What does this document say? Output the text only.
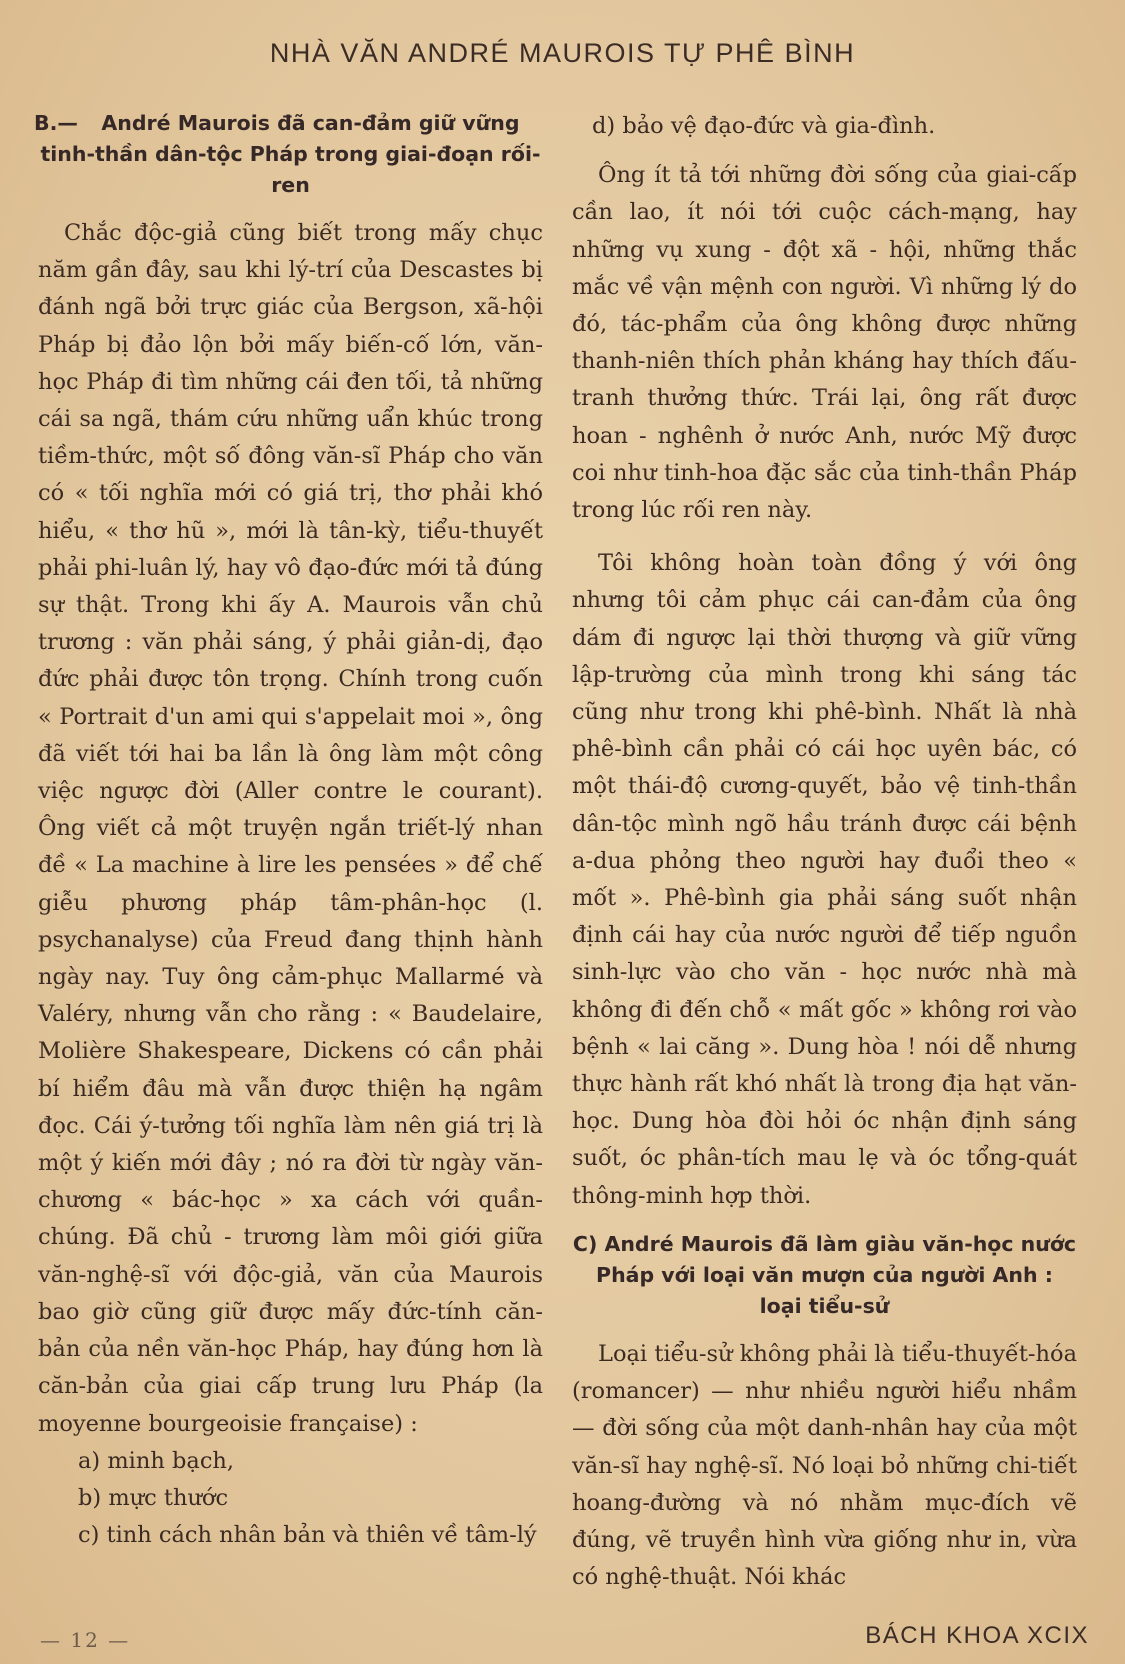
NHÀ VĂN ANDRÉ MAUROIS TỰ PHÊ BÌNH
B.— André Maurois đã can-đảm giữ vững tinh-thần dân-tộc Pháp trong giai-đoạn rối-ren

Chắc độc-giả cũng biết trong mấy chục năm gần đây, sau khi lý-trí của Descastes bị đánh ngã bởi trực giác của Bergson, xã-hội Pháp bị đảo lộn bởi mấy biến-cố lớn, văn-học Pháp đi tìm những cái đen tối, tả những cái sa ngã, thám cứu những uẩn khúc trong tiềm-thức, một số đông văn-sĩ Pháp cho văn có « tối nghĩa mới có giá trị, thơ phải khó hiểu, « thơ hũ », mới là tân-kỳ, tiểu-thuyết phải phi-luân lý, hay vô đạo-đức mới tả đúng sự thật. Trong khi ấy A. Maurois vẫn chủ trương : văn phải sáng, ý phải giản-dị, đạo đức phải được tôn trọng. Chính trong cuốn « Portrait d'un ami qui s'appelait moi », ông đã viết tới hai ba lần là ông làm một công việc ngược đời (Aller contre le courant). Ông viết cả một truyện ngắn triết-lý nhan đề « La machine à lire les pensées » để chế giễu phương pháp tâm-phân-học (l. psychanalyse) của Freud đang thịnh hành ngày nay. Tuy ông cảm-phục Mallarmé và Valéry, nhưng vẫn cho rằng : « Baudelaire, Molière Shakespeare, Dickens có cần phải bí hiểm đâu mà vẫn được thiện hạ ngâm đọc. Cái ý-tưởng tối nghĩa làm nên giá trị là một ý kiến mới đây ; nó ra đời từ ngày văn-chương « bác-học » xa cách với quần-chúng. Đã chủ - trương làm môi giới giữa văn-nghệ-sĩ với độc-giả, văn của Maurois bao giờ cũng giữ được mấy đức-tính căn-bản của nền văn-học Pháp, hay đúng hơn là căn-bản của giai cấp trung lưu Pháp (la moyenne bourgeoisie française) :

a) minh bạch,

b) mực thước

c) tinh cách nhân bản và thiên về tâm-lý

d) bảo vệ đạo-đức và gia-đình.

Ông ít tả tới những đời sống của giai-cấp cần lao, ít nói tới cuộc cách-mạng, hay những vụ xung - đột xã - hội, những thắc mắc về vận mệnh con người. Vì những lý do đó, tác-phẩm của ông không được những thanh-niên thích phản kháng hay thích đấu-tranh thưởng thức. Trái lại, ông rất được hoan - nghênh ở nước Anh, nước Mỹ được coi như tinh-hoa đặc sắc của tinh-thần Pháp trong lúc rối ren này.

Tôi không hoàn toàn đồng ý với ông nhưng tôi cảm phục cái can-đảm của ông dám đi ngược lại thời thượng và giữ vững lập-trường của mình trong khi sáng tác cũng như trong khi phê-bình. Nhất là nhà phê-bình cần phải có cái học uyên bác, có một thái-độ cương-quyết, bảo vệ tinh-thần dân-tộc mình ngõ hầu tránh được cái bệnh a-dua phỏng theo người hay đuổi theo « mốt ». Phê-bình gia phải sáng suốt nhận định cái hay của nước người để tiếp nguồn sinh-lực vào cho văn - học nước nhà mà không đi đến chỗ « mất gốc » không rơi vào bệnh « lai căng ». Dung hòa ! nói dễ nhưng thực hành rất khó nhất là trong địa hạt văn-học. Dung hòa đòi hỏi óc nhận định sáng suốt, óc phân-tích mau lẹ và óc tổng-quát thông-minh hợp thời.

C) André Maurois đã làm giàu văn-học nước Pháp với loại văn mượn của người Anh : loại tiểu-sử

Loại tiểu-sử không phải là tiểu-thuyết-hóa (romancer) — như nhiều người hiểu nhầm — đời sống của một danh-nhân hay của một văn-sĩ hay nghệ-sĩ. Nó loại bỏ những chi-tiết hoang-đường và nó nhằm mục-đích vẽ đúng, vẽ truyền hình vừa giống như in, vừa có nghệ-thuật. Nói khác

— 12 —	BÁCH KHOA XCIX
